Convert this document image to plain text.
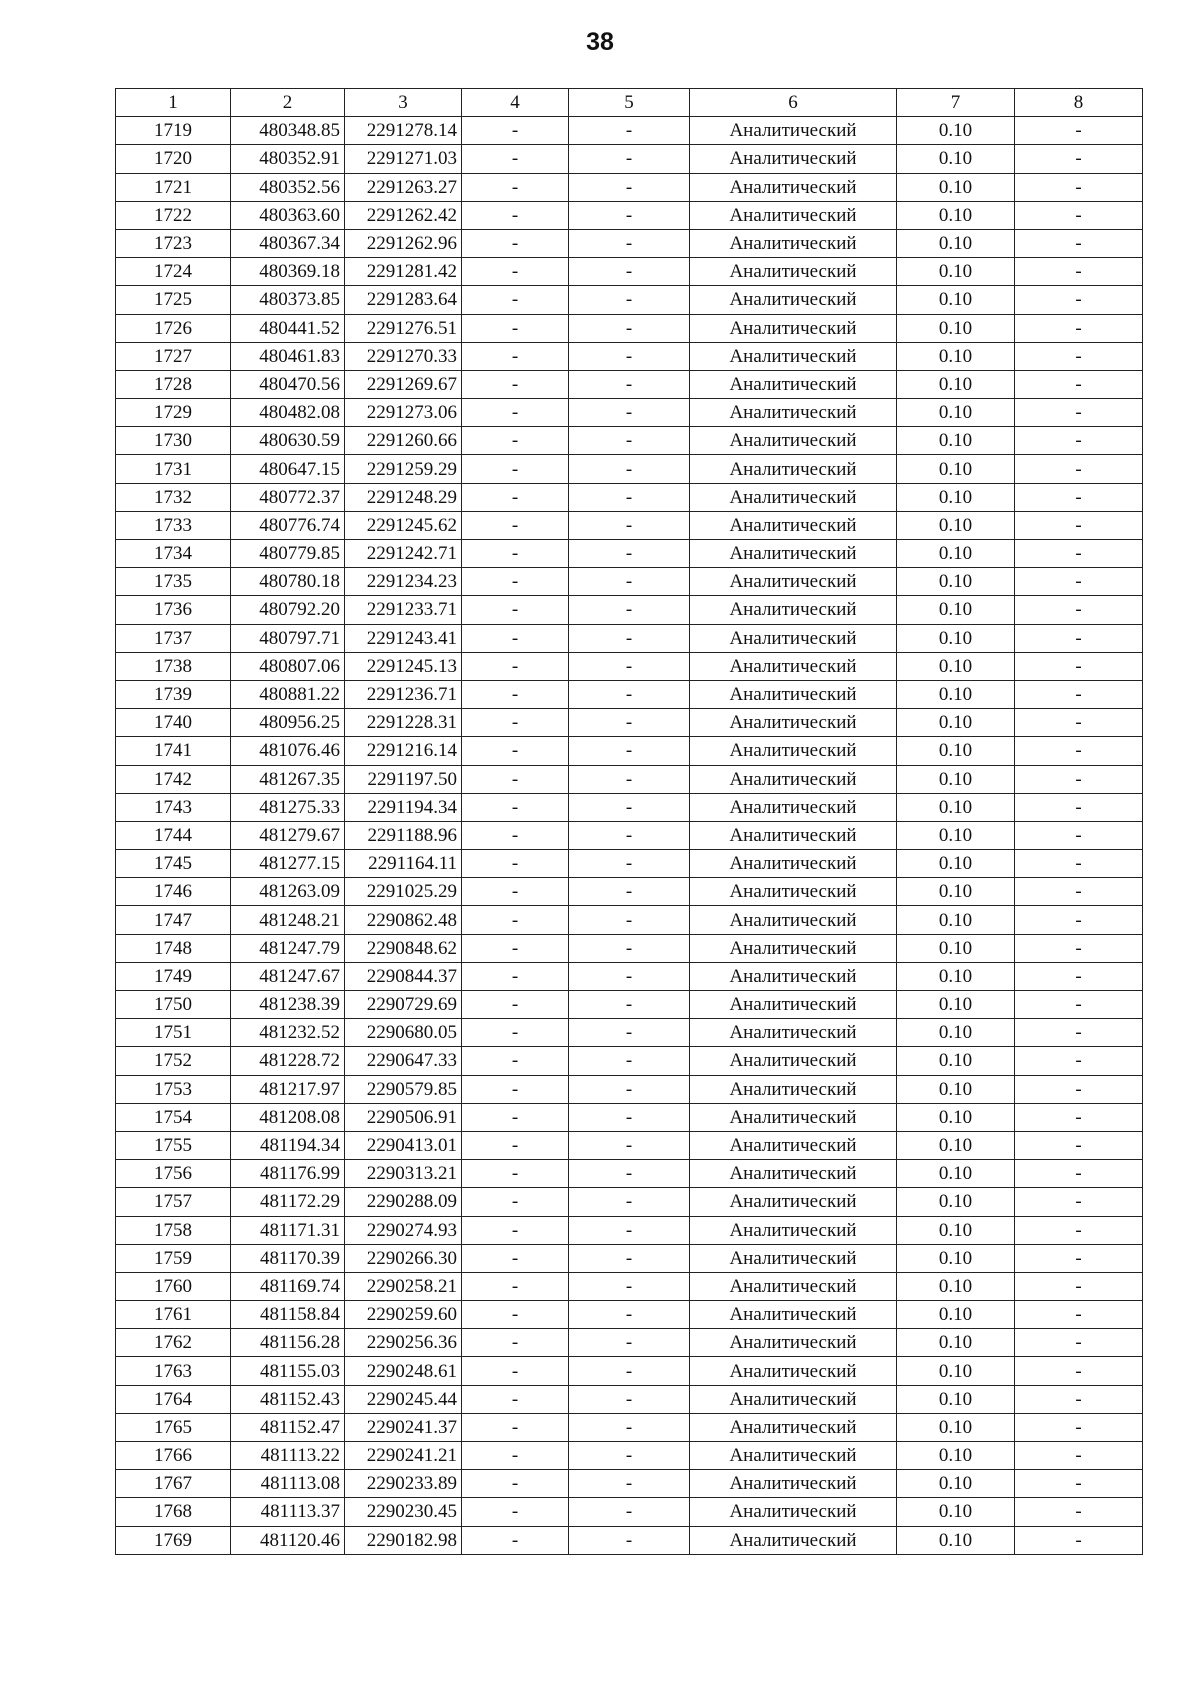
38
1	2	3	4	5	6	7	8
1719	480348.85	2291278.14	-	-	Аналитический	0.10	-
1720	480352.91	2291271.03	-	-	Аналитический	0.10	-
1721	480352.56	2291263.27	-	-	Аналитический	0.10	-
1722	480363.60	2291262.42	-	-	Аналитический	0.10	-
1723	480367.34	2291262.96	-	-	Аналитический	0.10	-
1724	480369.18	2291281.42	-	-	Аналитический	0.10	-
1725	480373.85	2291283.64	-	-	Аналитический	0.10	-
1726	480441.52	2291276.51	-	-	Аналитический	0.10	-
1727	480461.83	2291270.33	-	-	Аналитический	0.10	-
1728	480470.56	2291269.67	-	-	Аналитический	0.10	-
1729	480482.08	2291273.06	-	-	Аналитический	0.10	-
1730	480630.59	2291260.66	-	-	Аналитический	0.10	-
1731	480647.15	2291259.29	-	-	Аналитический	0.10	-
1732	480772.37	2291248.29	-	-	Аналитический	0.10	-
1733	480776.74	2291245.62	-	-	Аналитический	0.10	-
1734	480779.85	2291242.71	-	-	Аналитический	0.10	-
1735	480780.18	2291234.23	-	-	Аналитический	0.10	-
1736	480792.20	2291233.71	-	-	Аналитический	0.10	-
1737	480797.71	2291243.41	-	-	Аналитический	0.10	-
1738	480807.06	2291245.13	-	-	Аналитический	0.10	-
1739	480881.22	2291236.71	-	-	Аналитический	0.10	-
1740	480956.25	2291228.31	-	-	Аналитический	0.10	-
1741	481076.46	2291216.14	-	-	Аналитический	0.10	-
1742	481267.35	2291197.50	-	-	Аналитический	0.10	-
1743	481275.33	2291194.34	-	-	Аналитический	0.10	-
1744	481279.67	2291188.96	-	-	Аналитический	0.10	-
1745	481277.15	2291164.11	-	-	Аналитический	0.10	-
1746	481263.09	2291025.29	-	-	Аналитический	0.10	-
1747	481248.21	2290862.48	-	-	Аналитический	0.10	-
1748	481247.79	2290848.62	-	-	Аналитический	0.10	-
1749	481247.67	2290844.37	-	-	Аналитический	0.10	-
1750	481238.39	2290729.69	-	-	Аналитический	0.10	-
1751	481232.52	2290680.05	-	-	Аналитический	0.10	-
1752	481228.72	2290647.33	-	-	Аналитический	0.10	-
1753	481217.97	2290579.85	-	-	Аналитический	0.10	-
1754	481208.08	2290506.91	-	-	Аналитический	0.10	-
1755	481194.34	2290413.01	-	-	Аналитический	0.10	-
1756	481176.99	2290313.21	-	-	Аналитический	0.10	-
1757	481172.29	2290288.09	-	-	Аналитический	0.10	-
1758	481171.31	2290274.93	-	-	Аналитический	0.10	-
1759	481170.39	2290266.30	-	-	Аналитический	0.10	-
1760	481169.74	2290258.21	-	-	Аналитический	0.10	-
1761	481158.84	2290259.60	-	-	Аналитический	0.10	-
1762	481156.28	2290256.36	-	-	Аналитический	0.10	-
1763	481155.03	2290248.61	-	-	Аналитический	0.10	-
1764	481152.43	2290245.44	-	-	Аналитический	0.10	-
1765	481152.47	2290241.37	-	-	Аналитический	0.10	-
1766	481113.22	2290241.21	-	-	Аналитический	0.10	-
1767	481113.08	2290233.89	-	-	Аналитический	0.10	-
1768	481113.37	2290230.45	-	-	Аналитический	0.10	-
1769	481120.46	2290182.98	-	-	Аналитический	0.10	-
